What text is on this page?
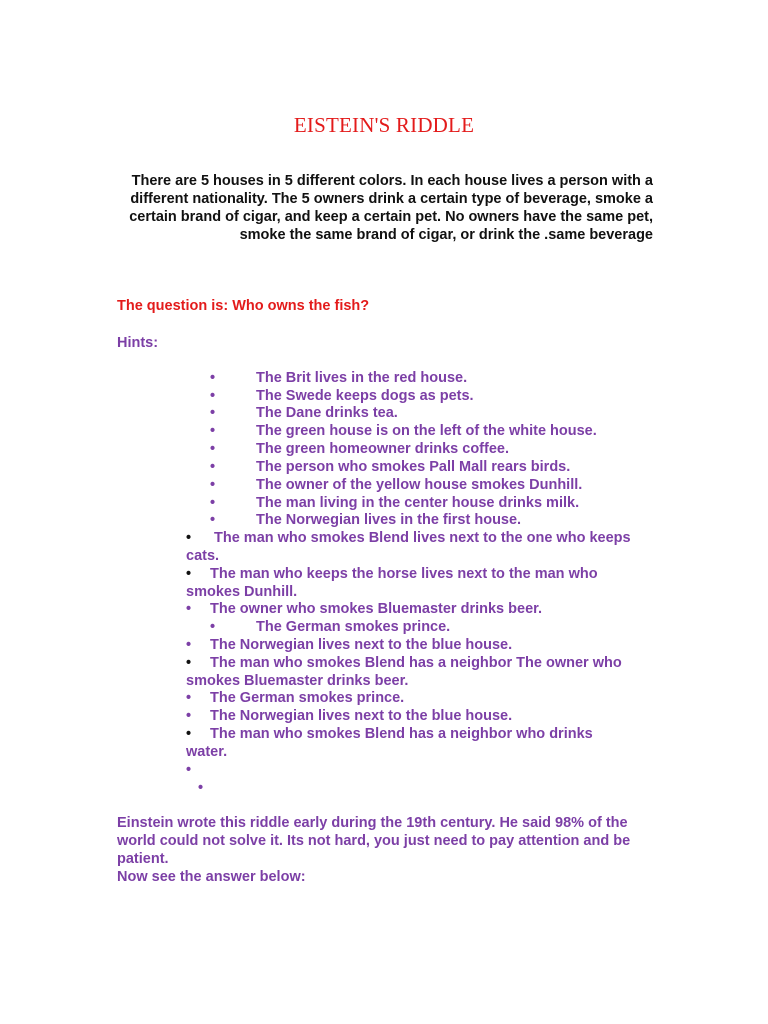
EISTEIN'S RIDDLE
There are 5 houses in 5 different colors. In each house lives a person with a different nationality. The 5 owners drink a certain type of beverage, smoke a certain brand of cigar, and keep a certain pet. No owners have the same pet, smoke the same brand of cigar, or drink the .same beverage
The question is: Who owns the fish?
Hints:
•	The Brit lives in the red house.
•	The Swede keeps dogs as pets.
•	The Dane drinks tea.
•	The green house is on the left of the white house.
•	The green homeowner drinks coffee.
•	The person who smokes Pall Mall rears birds.
•	The owner of the yellow house smokes Dunhill.
•	The man living in the center house drinks milk.
•	The Norwegian lives in the first house.
•	The man who smokes Blend lives next to the one who keeps cats.
•	The man who keeps the horse lives next to the man who smokes Dunhill.
•	The owner who smokes Bluemaster drinks beer.
•	The German smokes prince.
•	The Norwegian lives next to the blue house.
•	The man who smokes Blend has a neighbor The owner who smokes Bluemaster drinks beer.
•	The German smokes prince.
•	The Norwegian lives next to the blue house.
•	The man who smokes Blend has a neighbor who drinks water.
•
•
Einstein wrote this riddle early during the 19th century. He said 98% of the world could not solve it. Its not hard, you just need to pay attention and be patient.
Now see the answer below:
